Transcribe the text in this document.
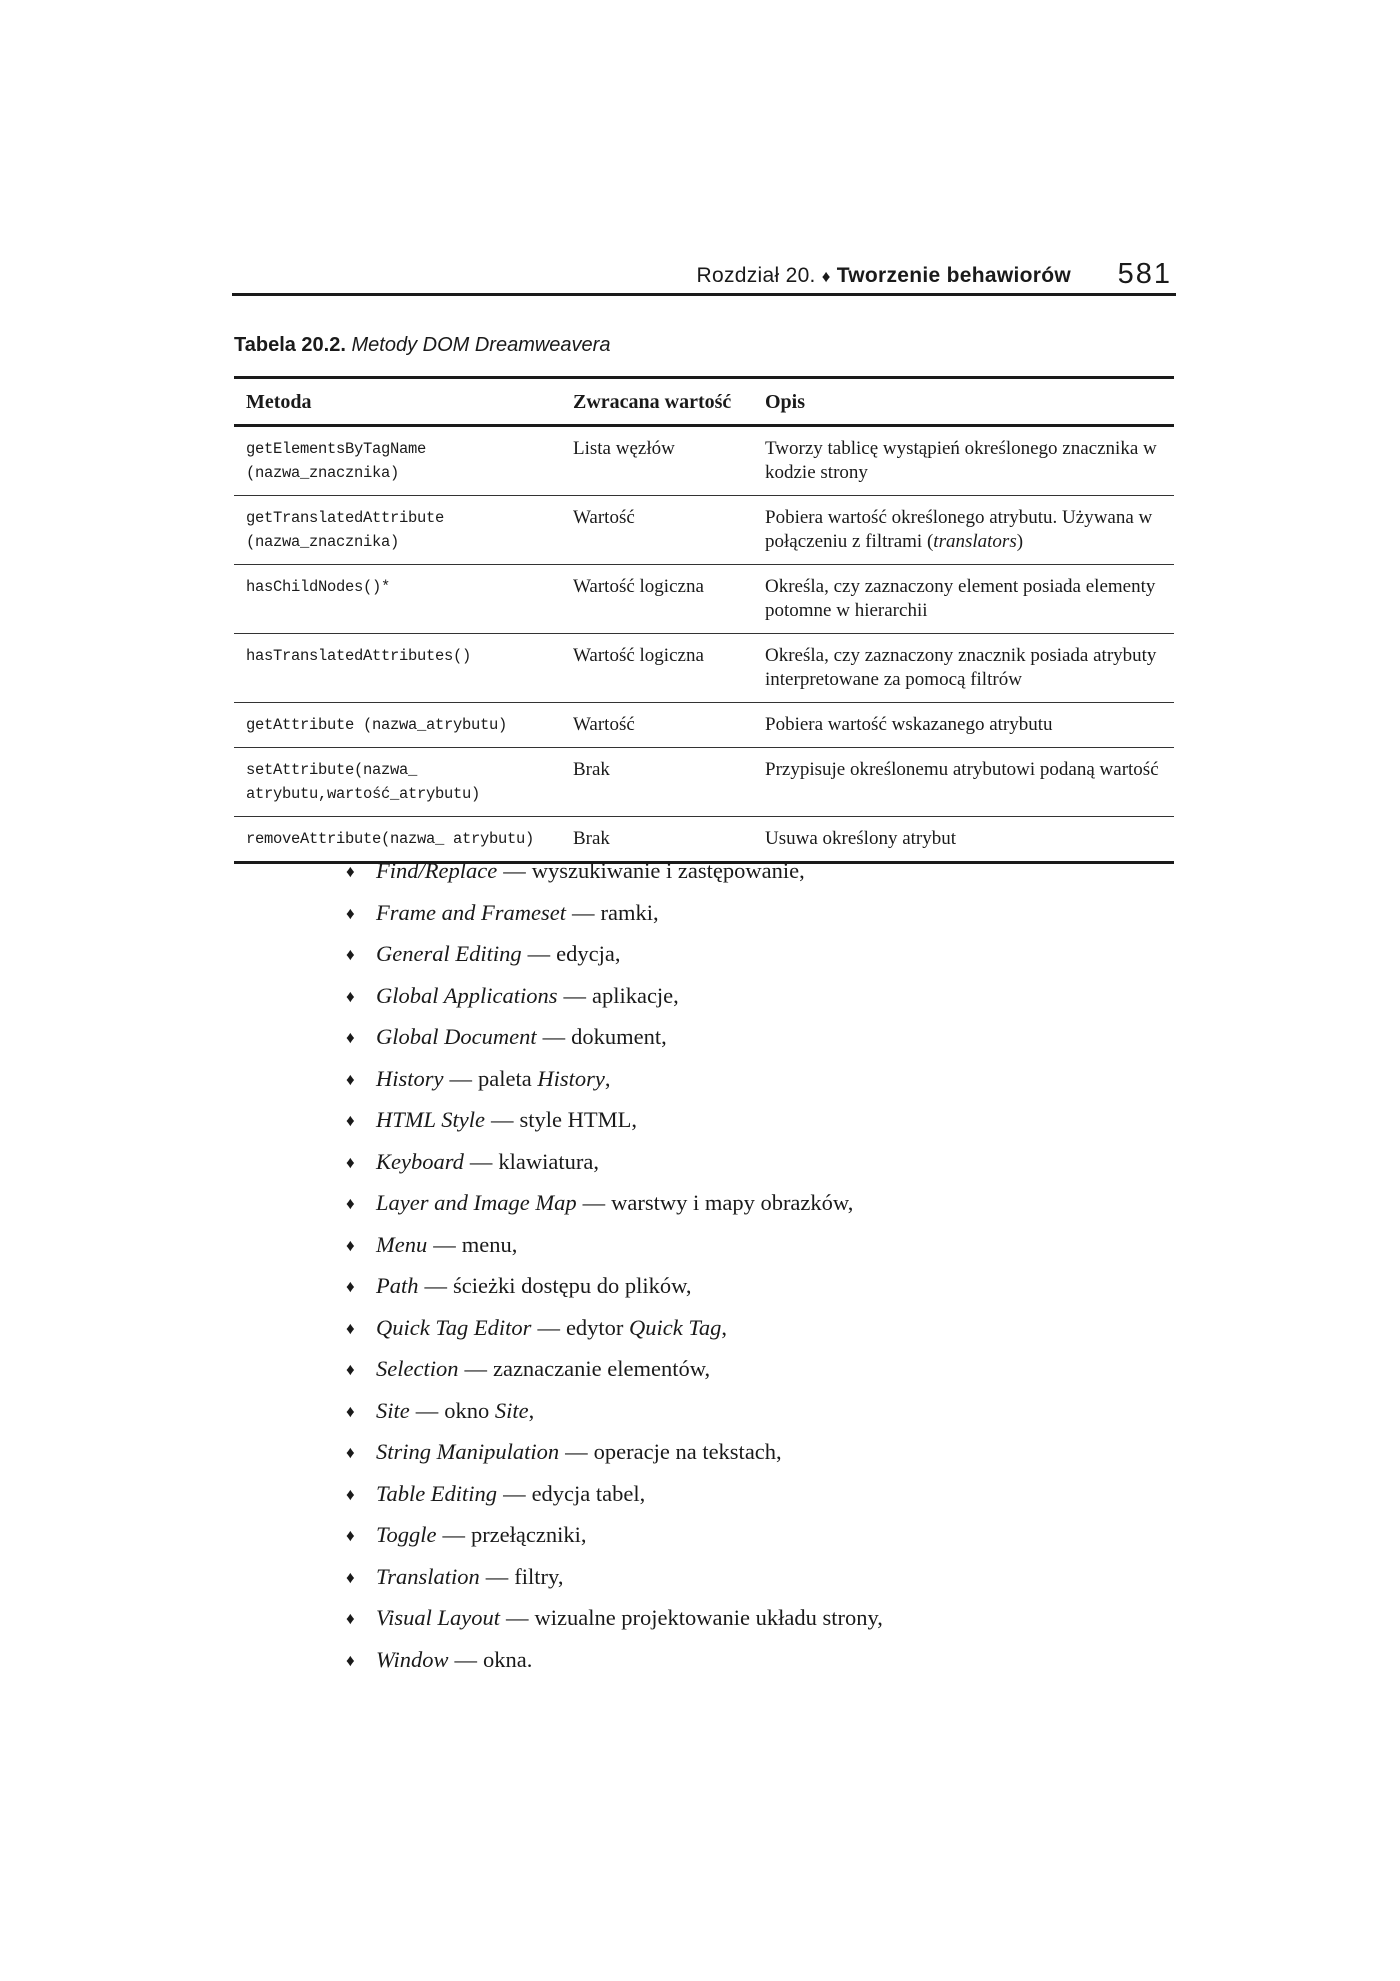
Rozdział 20. ♦ Tworzenie behawiorów 581
Tabela 20.2. Metody DOM Dreamweavera
Metoda	Zwracana wartość	Opis
getElementsByTagName
(nazwa_znacznika)	Lista węzłów	Tworzy tablicę wystąpień określonego znacznika w kodzie strony
getTranslatedAttribute
(nazwa_znacznika)	Wartość	Pobiera wartość określonego atrybutu. Używana w połączeniu z filtrami (translators)
hasChildNodes()*	Wartość logiczna	Określa, czy zaznaczony element posiada elementy potomne w hierarchii
hasTranslatedAttributes()	Wartość logiczna	Określa, czy zaznaczony znacznik posiada atrybuty interpretowane za pomocą filtrów
getAttribute (nazwa_atrybutu)	Wartość	Pobiera wartość wskazanego atrybutu
setAttribute(nazwa_
atrybutu,wartość_atrybutu)	Brak	Przypisuje określonemu atrybutowi podaną wartość
removeAttribute(nazwa_ atrybutu)	Brak	Usuwa określony atrybut
♦ Find/Replace — wyszukiwanie i zastępowanie,
♦ Frame and Frameset — ramki,
♦ General Editing — edycja,
♦ Global Applications — aplikacje,
♦ Global Document — dokument,
♦ History — paleta History,
♦ HTML Style — style HTML,
♦ Keyboard — klawiatura,
♦ Layer and Image Map — warstwy i mapy obrazków,
♦ Menu — menu,
♦ Path — ścieżki dostępu do plików,
♦ Quick Tag Editor — edytor Quick Tag,
♦ Selection — zaznaczanie elementów,
♦ Site — okno Site,
♦ String Manipulation — operacje na tekstach,
♦ Table Editing — edycja tabel,
♦ Toggle — przełączniki,
♦ Translation — filtry,
♦ Visual Layout — wizualne projektowanie układu strony,
♦ Window — okna.
